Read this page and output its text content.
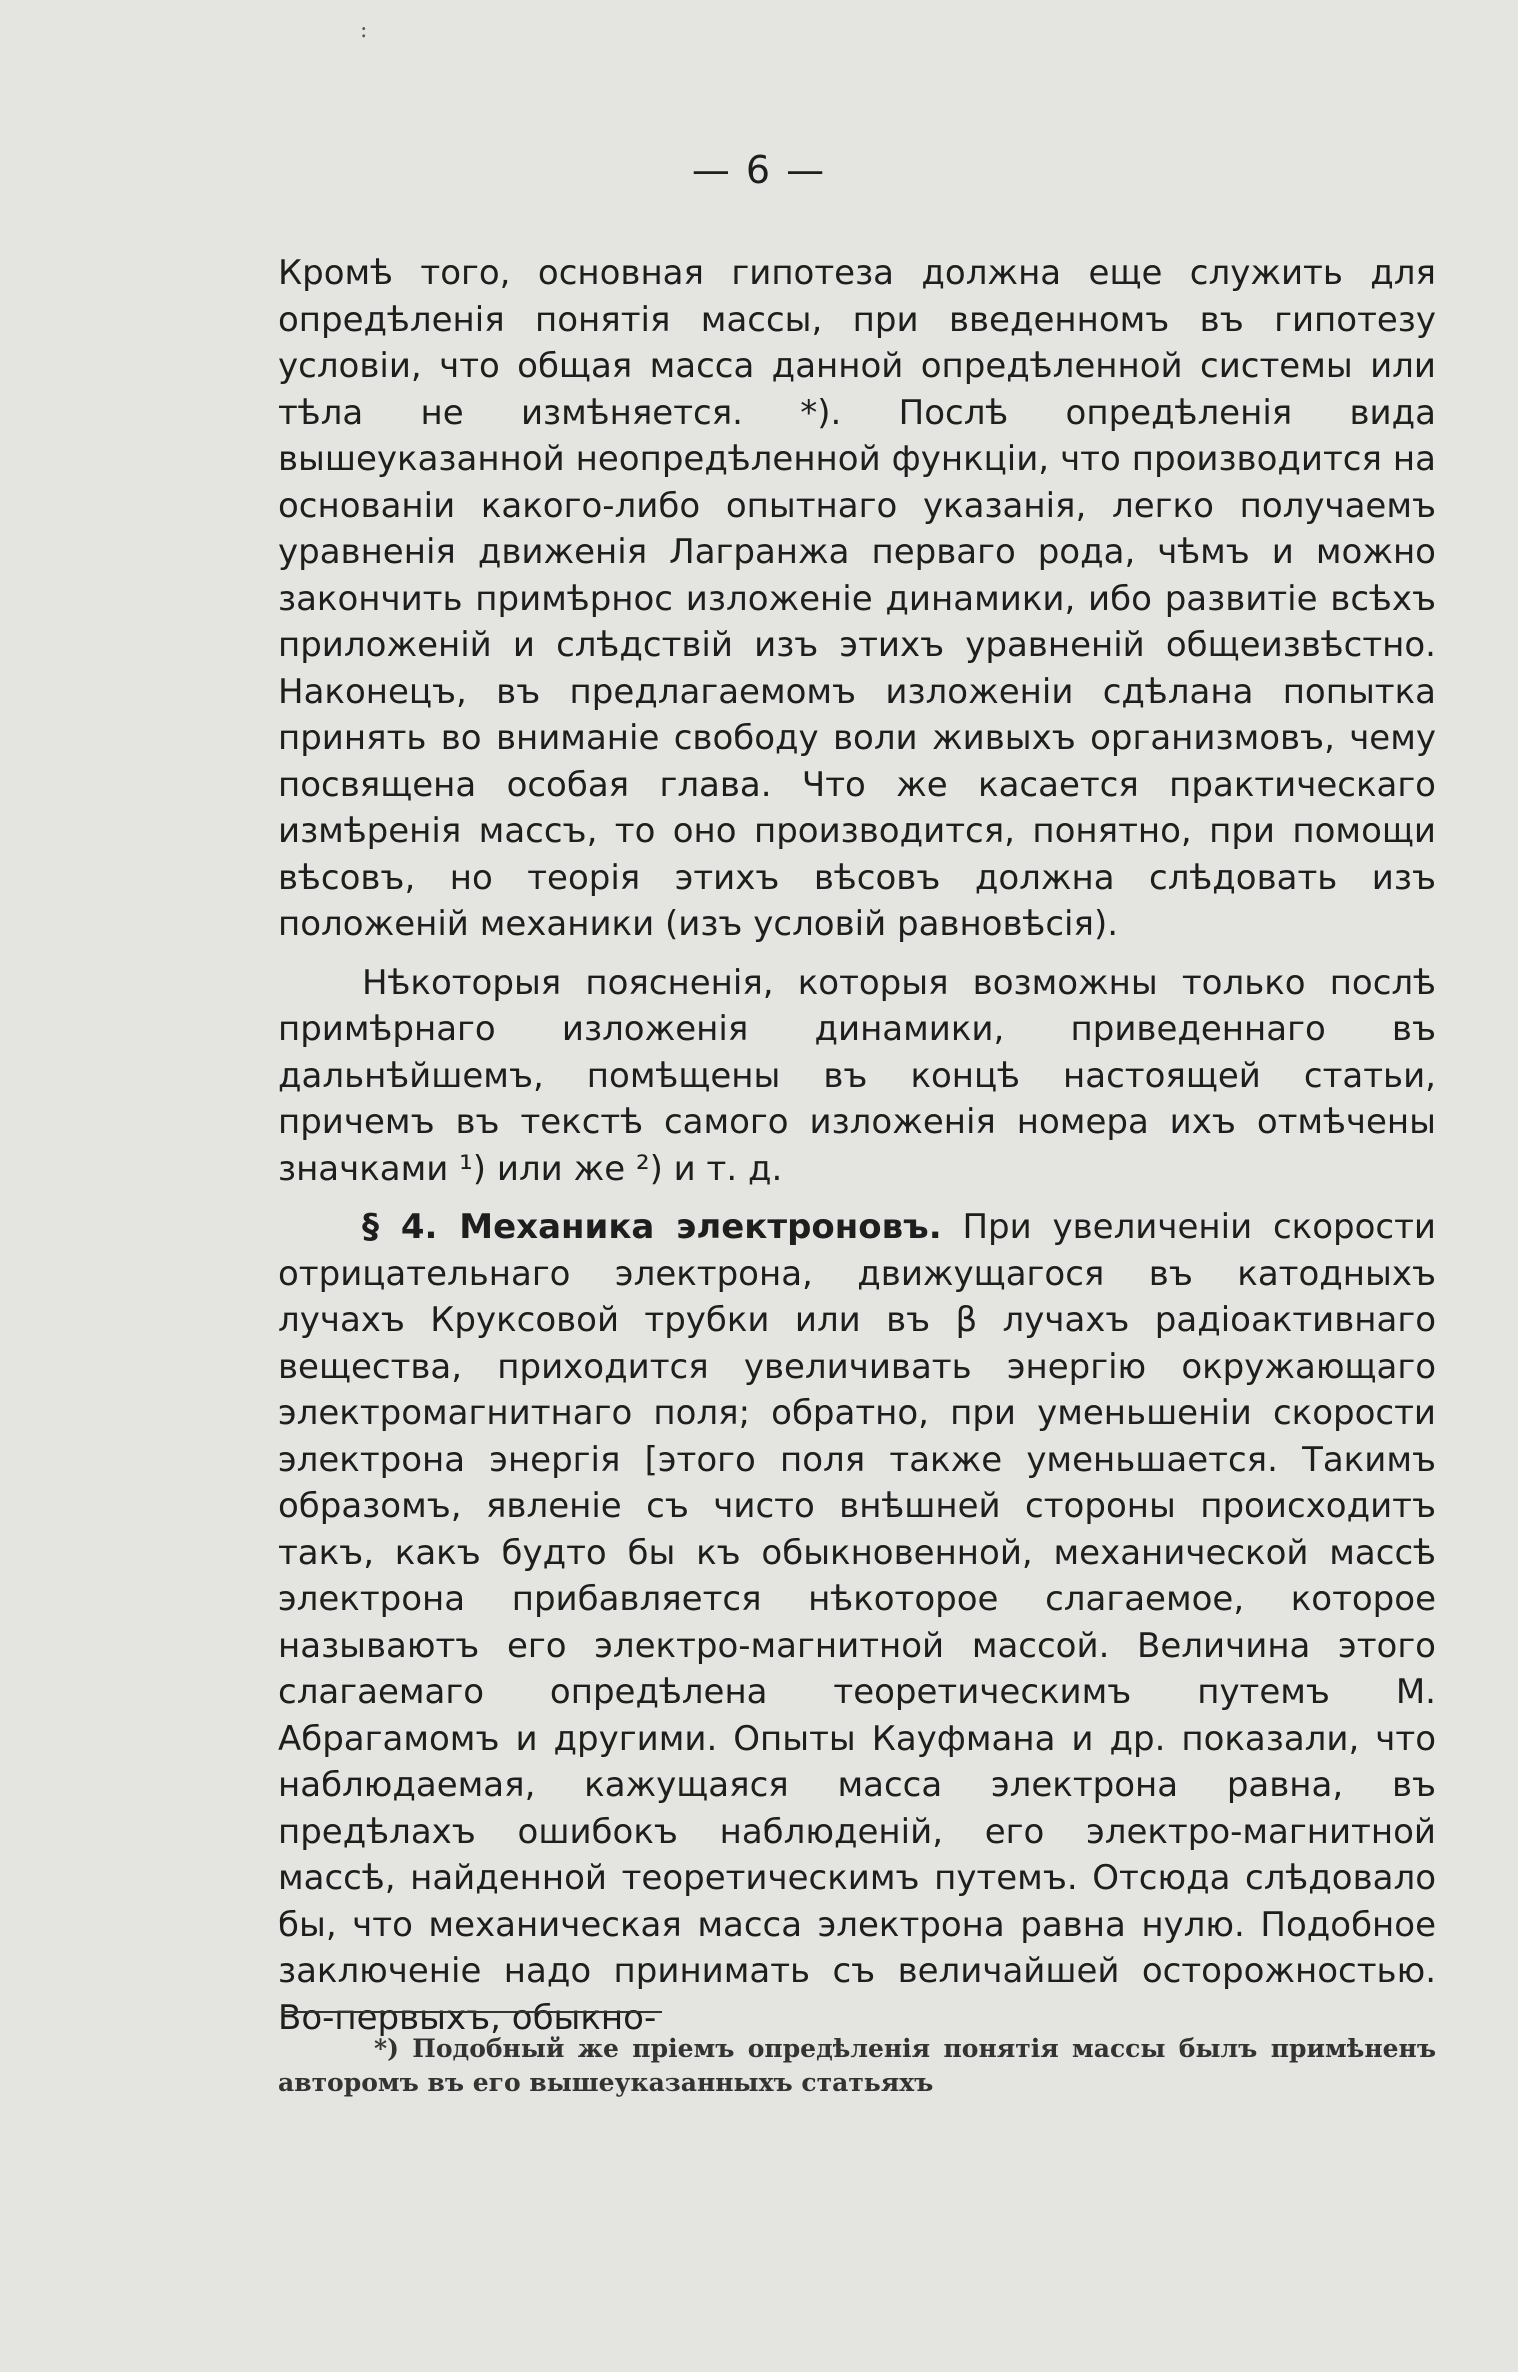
:
— 6 —

Кромѣ того, основная гипотеза должна еще служить для опредѣленія понятія массы, при введенномъ въ гипотезу условіи, что общая масса данной опредѣленной системы или тѣла не измѣняется. *). Послѣ опредѣленія вида вышеуказанной неопредѣленной функціи, что производится на основаніи какого-либо опытнаго указанія, легко получаемъ уравненія движенія Лагранжа перваго рода, чѣмъ и можно закончить примѣрнос изложеніе динамики, ибо развитіе всѣхъ приложеній и слѣдствій изъ этихъ уравненій общеизвѣстно. Наконецъ, въ предлагаемомъ изложеніи сдѣлана попытка принять во вниманіе свободу воли живыхъ организмовъ, чему посвящена особая глава. Что же касается практическаго измѣренія массъ, то оно производится, понятно, при помощи вѣсовъ, но теорія этихъ вѣсовъ должна слѣдовать изъ положеній механики (изъ условій равновѣсія).

Нѣкоторыя поясненія, которыя возможны только послѣ примѣрнаго изложенія динамики, приведеннаго въ дальнѣйшемъ, помѣщены въ концѣ настоящей статьи, причемъ въ текстѣ самого изложенія номера ихъ отмѣчены значками ¹) или же ²) и т. д.

§ 4. Механика электроновъ. При увеличеніи скорости отрицательнаго электрона, движущагося въ катодныхъ лучахъ Круксовой трубки или въ β лучахъ радіоактивнаго вещества, приходится увеличивать энергію окружающаго электромагнитнаго поля; обратно, при уменьшеніи скорости электрона энергія [этого поля также уменьшается. Такимъ образомъ, явленіе съ чисто внѣшней стороны происходитъ такъ, какъ будто бы къ обыкновенной, механической массѣ электрона прибавляется нѣкоторое слагаемое, которое называютъ его электро-магнитной массой. Величина этого слагаемаго опредѣлена теоретическимъ путемъ М. Абрагамомъ и другими. Опыты Кауфмана и др. показали, что наблюдаемая, кажущаяся масса электрона равна, въ предѣлахъ ошибокъ наблюденій, его электро-магнитной массѣ, найденной теоретическимъ путемъ. Отсюда слѣдовало бы, что механическая масса электрона равна нулю. Подобное заключеніе надо принимать съ величайшей осторожностью. Во-первыхъ, обыкно-

*) Подобный же пріемъ опредѣленія понятія массы былъ примѣненъ авторомъ въ его вышеуказанныхъ статьяхъ
